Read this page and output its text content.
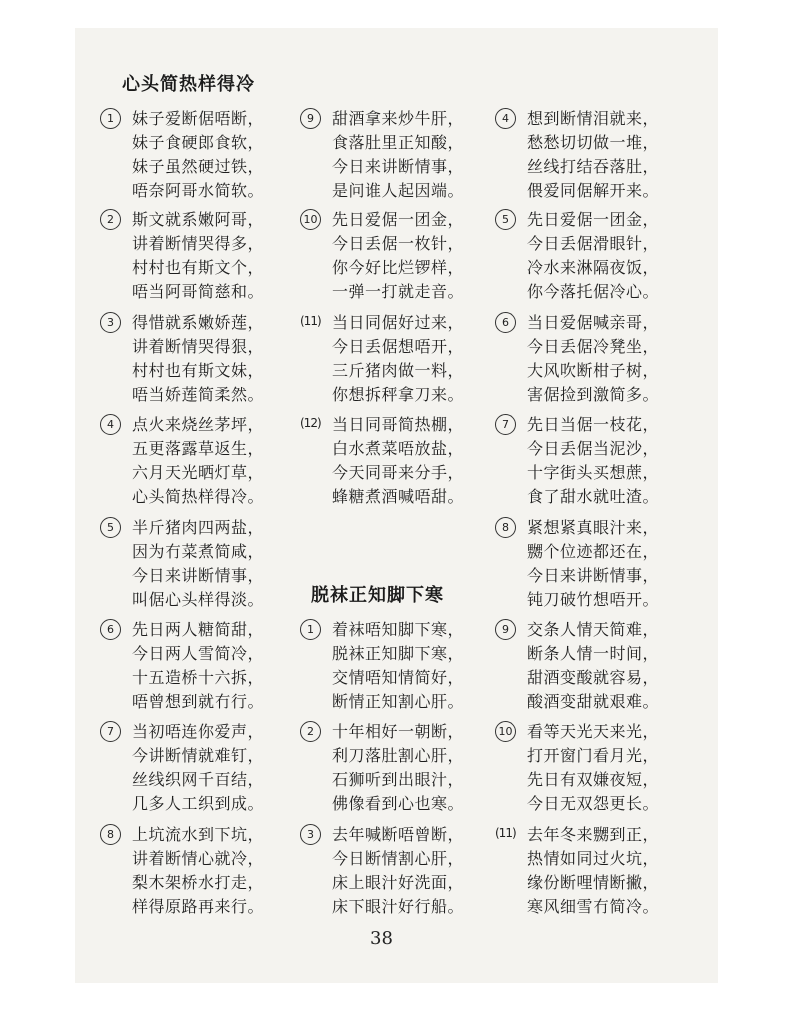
心头简热样得冷
1	妹子爱断倨唔断，
妹子食硬郎食软，
妹子虽然硬过铁，
唔奈阿哥水简软。
2	斯文就系嫩阿哥，
讲着断情哭得多，
村村也有斯文个，
唔当阿哥简慈和。
3	得惜就系嫩娇莲，
讲着断情哭得狠，
村村也有斯文妹，
唔当娇莲简柔然。
4	点火来烧丝茅坪，
五更落露草返生，
六月天光晒灯草，
心头简热样得冷。
5	半斤猪肉四两盐，
因为冇菜煮简咸，
今日来讲断情事，
叫倨心头样得淡。
6	先日两人糖简甜，
今日两人雪简冷，
十五造桥十六拆，
唔曾想到就冇行。
7	当初唔连你爱声，
今讲断情就难钉，
丝线织网千百结，
几多人工织到成。
8	上坑流水到下坑，
讲着断情心就冷，
梨木架桥水打走，
样得原路再来行。
9	甜酒拿来炒牛肝，
食落肚里正知酸，
今日来讲断情事，
是问谁人起因端。
10 先日爱倨一团金，
今日丢倨一枚针，
你今好比烂锣样，
一弹一打就走音。
(11) 当日同倨好过来，
今日丢倨想唔开，
三斤猪肉做一料，
你想拆秤拿刀来。
(12) 当日同哥简热棚，
白水煮菜唔放盐，
今天同哥来分手，
蜂糖煮酒喊唔甜。
脱袜正知脚下寒
1	着袜唔知脚下寒，
脱袜正知脚下寒，
交情唔知情简好，
断情正知割心肝。
2	十年相好一朝断，
利刀落肚割心肝，
石狮听到出眼汁，
佛像看到心也寒。
3	去年喊断唔曾断，
今日断情割心肝，
床上眼汁好洗面，
床下眼汁好行船。
4	想到断情泪就来，
愁愁切切做一堆，
丝线打结吞落肚，
偎爱同倨解开来。
5	先日爱倨一团金，
今日丢倨滑眼针，
冷水来淋隔夜饭，
你今落托倨冷心。
6	当日爱倨喊亲哥，
今日丢倨冷凳坐，
大风吹断柑子树，
害倨捡到激简多。
7	先日当倨一枝花，
今日丢倨当泥沙，
十字街头买想蔗，
食了甜水就吐渣。
8	紧想紧真眼汁来，
嬲个位迹都还在，
今日来讲断情事，
钝刀破竹想唔开。
9	交条人情天简难，
断条人情一时间，
甜酒变酸就容易，
酸酒变甜就艰难。
10 看等天光天来光，
打开窗门看月光，
先日有双嫌夜短，
今日无双怨更长。
(11) 去年冬来嬲到正，
热情如同过火坑，
缘份断哩情断撇，
寒风细雪冇简冷。
38
